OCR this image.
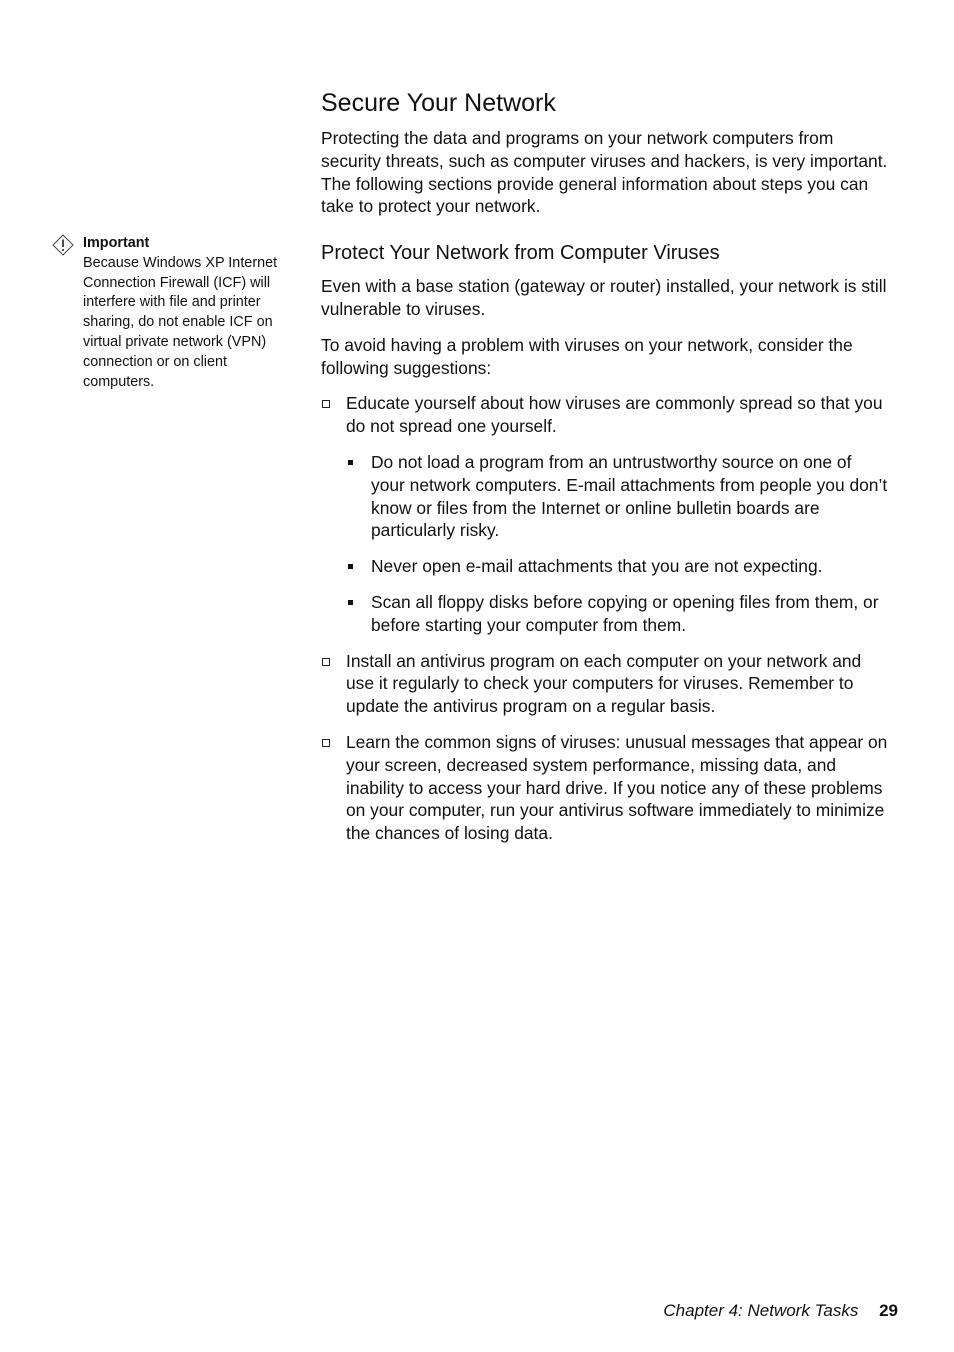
Important
Because Windows XP Internet Connection Firewall (ICF) will interfere with file and printer sharing, do not enable ICF on virtual private network (VPN) connection or on client computers.
Secure Your Network

Protecting the data and programs on your network computers from security threats, such as computer viruses and hackers, is very important. The following sections provide general information about steps you can take to protect your network.

Protect Your Network from Computer Viruses

Even with a base station (gateway or router) installed, your network is still vulnerable to viruses.

To avoid having a problem with viruses on your network, consider the following suggestions:

Educate yourself about how viruses are commonly spread so that you do not spread one yourself.
Do not load a program from an untrustworthy source on one of your network computers. E-mail attachments from people you don’t know or files from the Internet or online bulletin boards are particularly risky.
Never open e-mail attachments that you are not expecting.
Scan all floppy disks before copying or opening files from them, or before starting your computer from them.
Install an antivirus program on each computer on your network and use it regularly to check your computers for viruses. Remember to update the antivirus program on a regular basis.
Learn the common signs of viruses: unusual messages that appear on your screen, decreased system performance, missing data, and inability to access your hard drive. If you notice any of these problems on your computer, run your antivirus software immediately to minimize the chances of losing data.
Chapter 4: Network Tasks 29
